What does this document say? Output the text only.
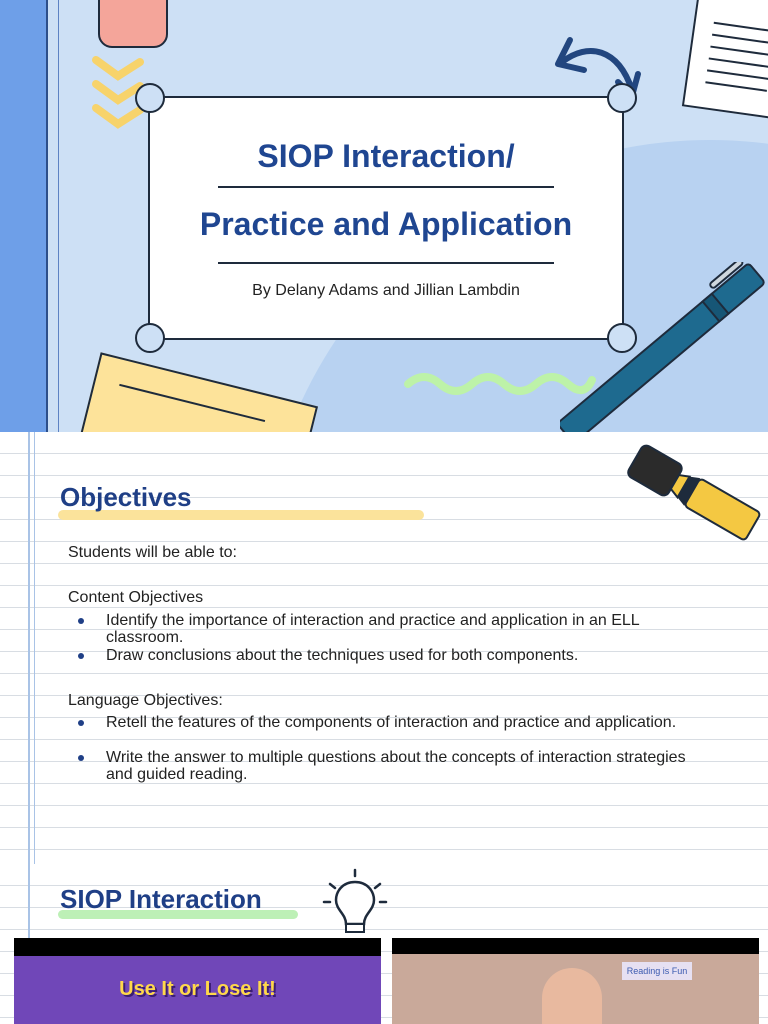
SIOP Interaction/
Practice and Application
By Delany Adams and Jillian Lambdin
Objectives
Students will be able to:
Content Objectives
Identify the importance of interaction and practice and application in an ELL classroom.
Draw conclusions about the techniques used for both components.
Language Objectives:
Retell the features of the components of interaction and practice and application.
Write the answer to multiple questions about the concepts of interaction strategies and guided reading.
SIOP Interaction
Use It or Lose It!
Reading is Fun
